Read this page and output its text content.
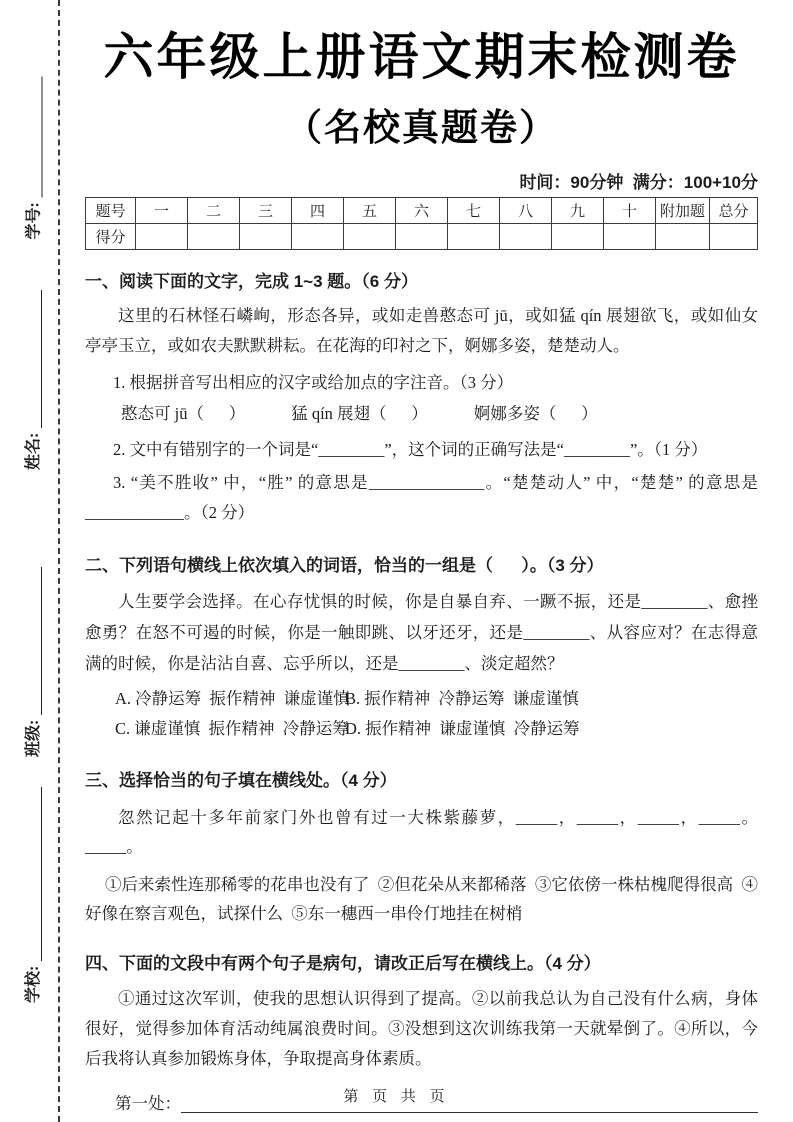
学号:
姓名:
班级:
学校:
六年级上册语文期末检测卷
（名校真题卷）
时间：90分钟  满分：100+10分
题号	一	二	三	四	五	六	七	八	九	十	附加题	总分
得分												
一、阅读下面的文字，完成 1~3 题。（6 分）

这里的石林怪石嶙峋，形态各异，或如走兽憨态可 jū，或如猛 qín 展翅欲飞，或如仙女亭亭玉立，或如农夫默默耕耘。在花海的印衬之下，婀娜多姿，楚楚动人。

1. 根据拼音写出相应的汉字或给加点的字注音。（3 分）

憨态可 jū（      ）	猛 qín 展翅（      ）	婀娜多姿（      ）

2. 文中有错别字的一个词是“________”，这个词的正确写法是“________”。（1 分）

3. “美不胜收” 中，“胜” 的意思是______________。“楚楚动人” 中，“楚楚” 的意思是____________。（2 分）

二、下列语句横线上依次填入的词语，恰当的一组是（      ）。（3 分）

人生要学会选择。在心存忧惧的时候，你是自暴自弃、一蹶不振，还是________、愈挫愈勇？在怒不可遏的时候，你是一触即跳、以牙还牙，还是________、从容应对？在志得意满的时候，你是沾沾自喜、忘乎所以，还是________、淡定超然？

A. 冷静运筹  振作精神  谦虚谨慎
B. 振作精神  冷静运筹  谦虚谨慎
C. 谦虚谨慎  振作精神  冷静运筹
D. 振作精神  谦虚谨慎  冷静运筹
三、选择恰当的句子填在横线处。（4 分）

忽然记起十多年前家门外也曾有过一大株紫藤萝，_____，_____，_____，_____。_____。

①后来索性连那稀零的花串也没有了  ②但花朵从来都稀落  ③它依傍一株枯槐爬得很高  ④好像在察言观色，试探什么  ⑤东一穗西一串伶仃地挂在树梢

四、下面的文段中有两个句子是病句，请改正后写在横线上。（4 分）

①通过这次军训，使我的思想认识得到了提高。②以前我总认为自己没有什么病，身体很好，觉得参加体育活动纯属浪费时间。③没想到这次训练我第一天就晕倒了。④所以，今后我将认真参加锻炼身体，争取提高身体素质。

第一处：	第 页 共 页
